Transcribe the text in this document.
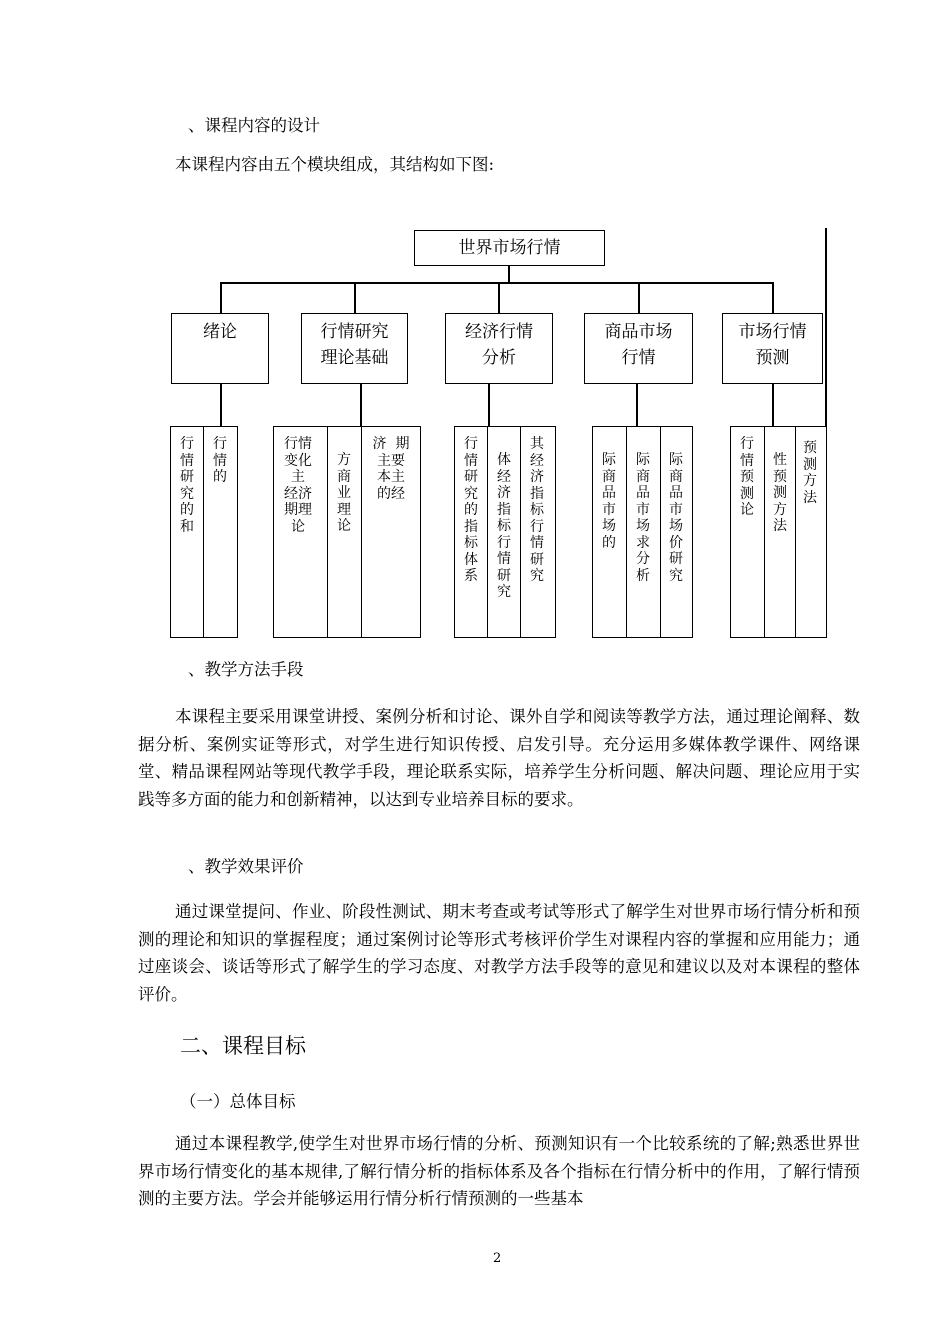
、课程内容的设计
本课程内容由五个模块组成，其结构如下图:
世界市场行情
绪论	行情研究
理论基础
经济行情
分析
商品市场
行情
市场行情
预测
行情研究的  和
行情  的
行情变化  主  经济  期理论
方商业  理论
济  期      主要  本主      的经
行情研究的指标体系
体经济指标  行情研究
其  经济指标  行情研究
际商品市场的
际商品市场  求分析
际商品市场价  研究
行情预测  论
性预测方法
预测方法
、教学方法手段

本课程主要采用课堂讲授、案例分析和讨论、课外自学和阅读等教学方法，通过理论阐释、数据分析、案例实证等形式，对学生进行知识传授、启发引导。充分运用多媒体教学课件、网络课堂、精品课程网站等现代教学手段，理论联系实际，培养学生分析问题、解决问题、理论应用于实践等多方面的能力和创新精神，以达到专业培养目标的要求。

、教学效果评价

通过课堂提问、作业、阶段性测试、期末考查或考试等形式了解学生对世界市场行情分析和预测的理论和知识的掌握程度；通过案例讨论等形式考核评价学生对课程内容的掌握和应用能力；通过座谈会、谈话等形式了解学生的学习态度、对教学方法手段等的意见和建议以及对本课程的整体评价。

二、课程目标
（一）总体目标

通过本课程教学,使学生对世界市场行情的分析、预测知识有一个比较系统的了解;熟悉世界世界市场行情变化的基本规律,了解行情分析的指标体系及各个指标在行情分析中的作用，了解行情预测的主要方法。学会并能够运用行情分析行情预测的一些基本

2
